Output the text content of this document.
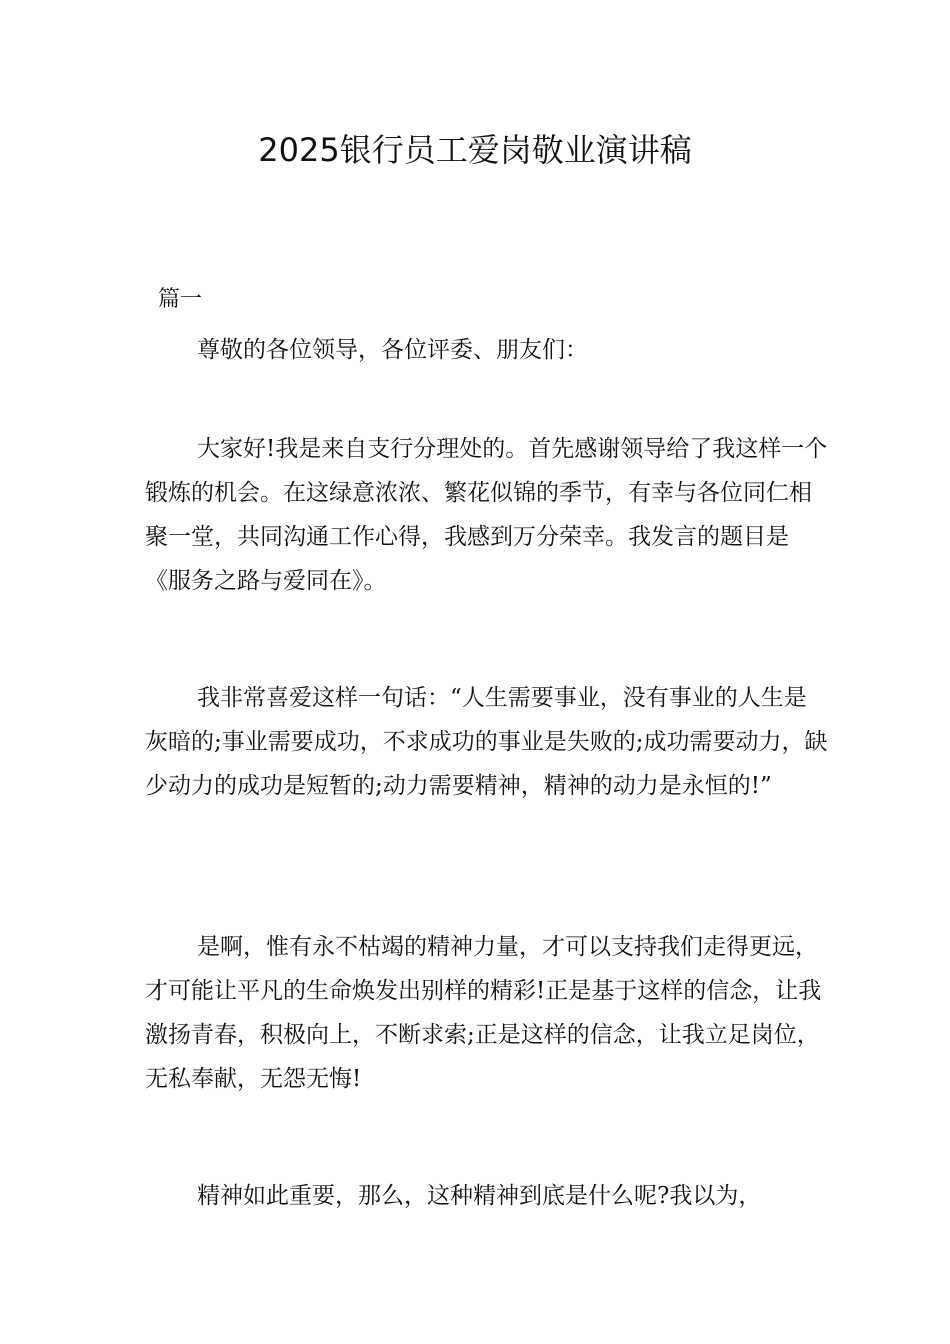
2025银行员工爱岗敬业演讲稿

篇一

尊敬的各位领导，各位评委、朋友们：

大家好!我是来自支行分理处的。首先感谢领导给了我这样一个锻炼的机会。在这绿意浓浓、繁花似锦的季节，有幸与各位同仁相聚一堂，共同沟通工作心得，我感到万分荣幸。我发言的题目是《服务之路与爱同在》。

我非常喜爱这样一句话：“人生需要事业，没有事业的人生是灰暗的;事业需要成功，不求成功的事业是失败的;成功需要动力，缺少动力的成功是短暂的;动力需要精神，精神的动力是永恒的!”

是啊，惟有永不枯竭的精神力量，才可以支持我们走得更远，才可能让平凡的生命焕发出别样的精彩!正是基于这样的信念，让我激扬青春，积极向上，不断求索;正是这样的信念，让我立足岗位，无私奉献，无怨无悔!

精神如此重要，那么，这种精神到底是什么呢?我以为，
